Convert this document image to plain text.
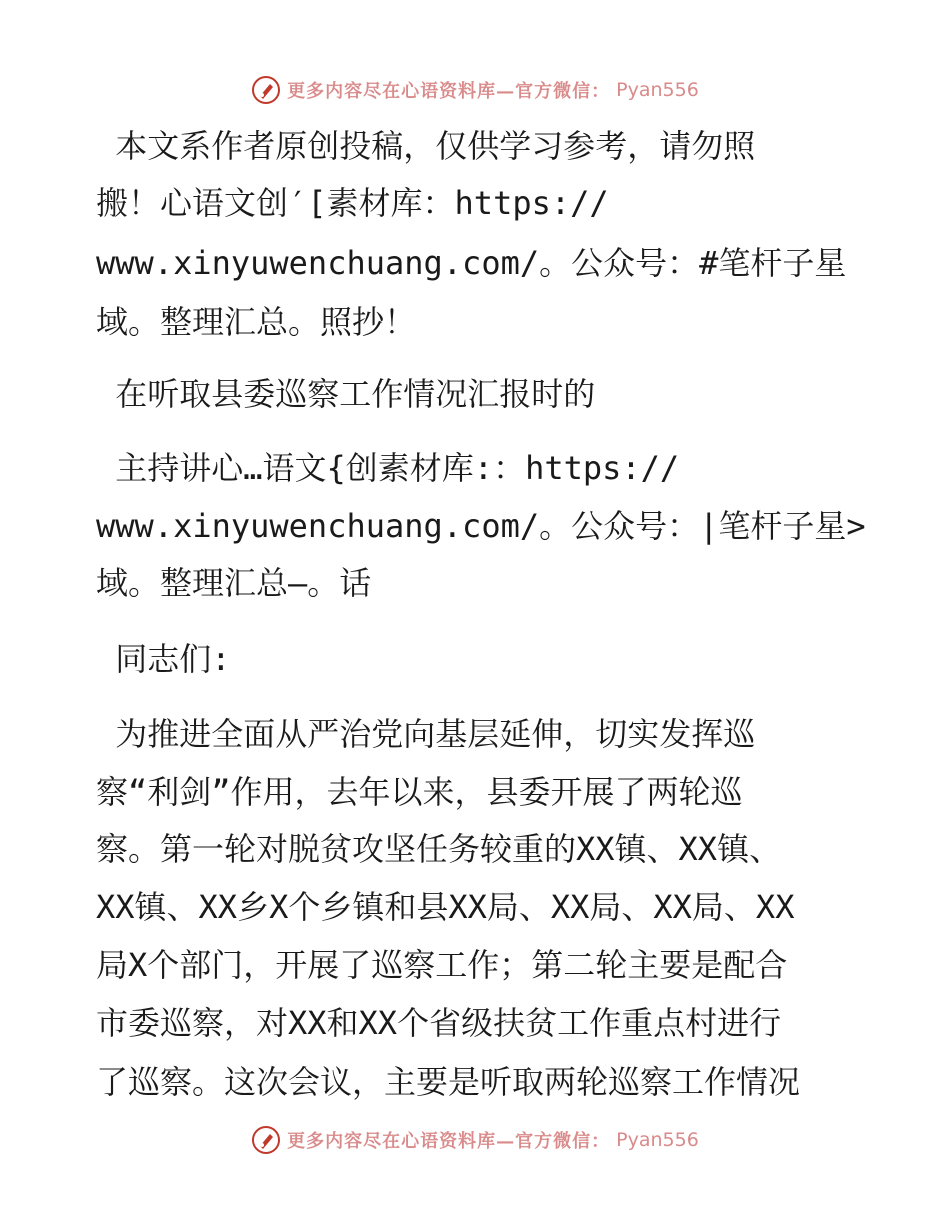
更多内容尽在心语资料库—官方微信： Pyan556
本文系作者原创投稿，仅供学习参考，请勿照
搬！心语文创′[素材库：https://
www.xinyuwenchuang.com/。公众号：#笔杆子星
域。整理汇总。照抄！
在听取县委巡察工作情况汇报时的
主持讲心…语文{创素材库:：https://
www.xinyuwenchuang.com/。公众号：|笔杆子星>
域。整理汇总—。话
同志们:
为推进全面从严治党向基层延伸，切实发挥巡
察“利剑”作用，去年以来，县委开展了两轮巡
察。第一轮对脱贫攻坚任务较重的XX镇、XX镇、
XX镇、XX乡X个乡镇和县XX局、XX局、XX局、XX
局X个部门，开展了巡察工作；第二轮主要是配合
市委巡察，对XX和XX个省级扶贫工作重点村进行
了巡察。这次会议，主要是听取两轮巡察工作情况
更多内容尽在心语资料库—官方微信： Pyan556
